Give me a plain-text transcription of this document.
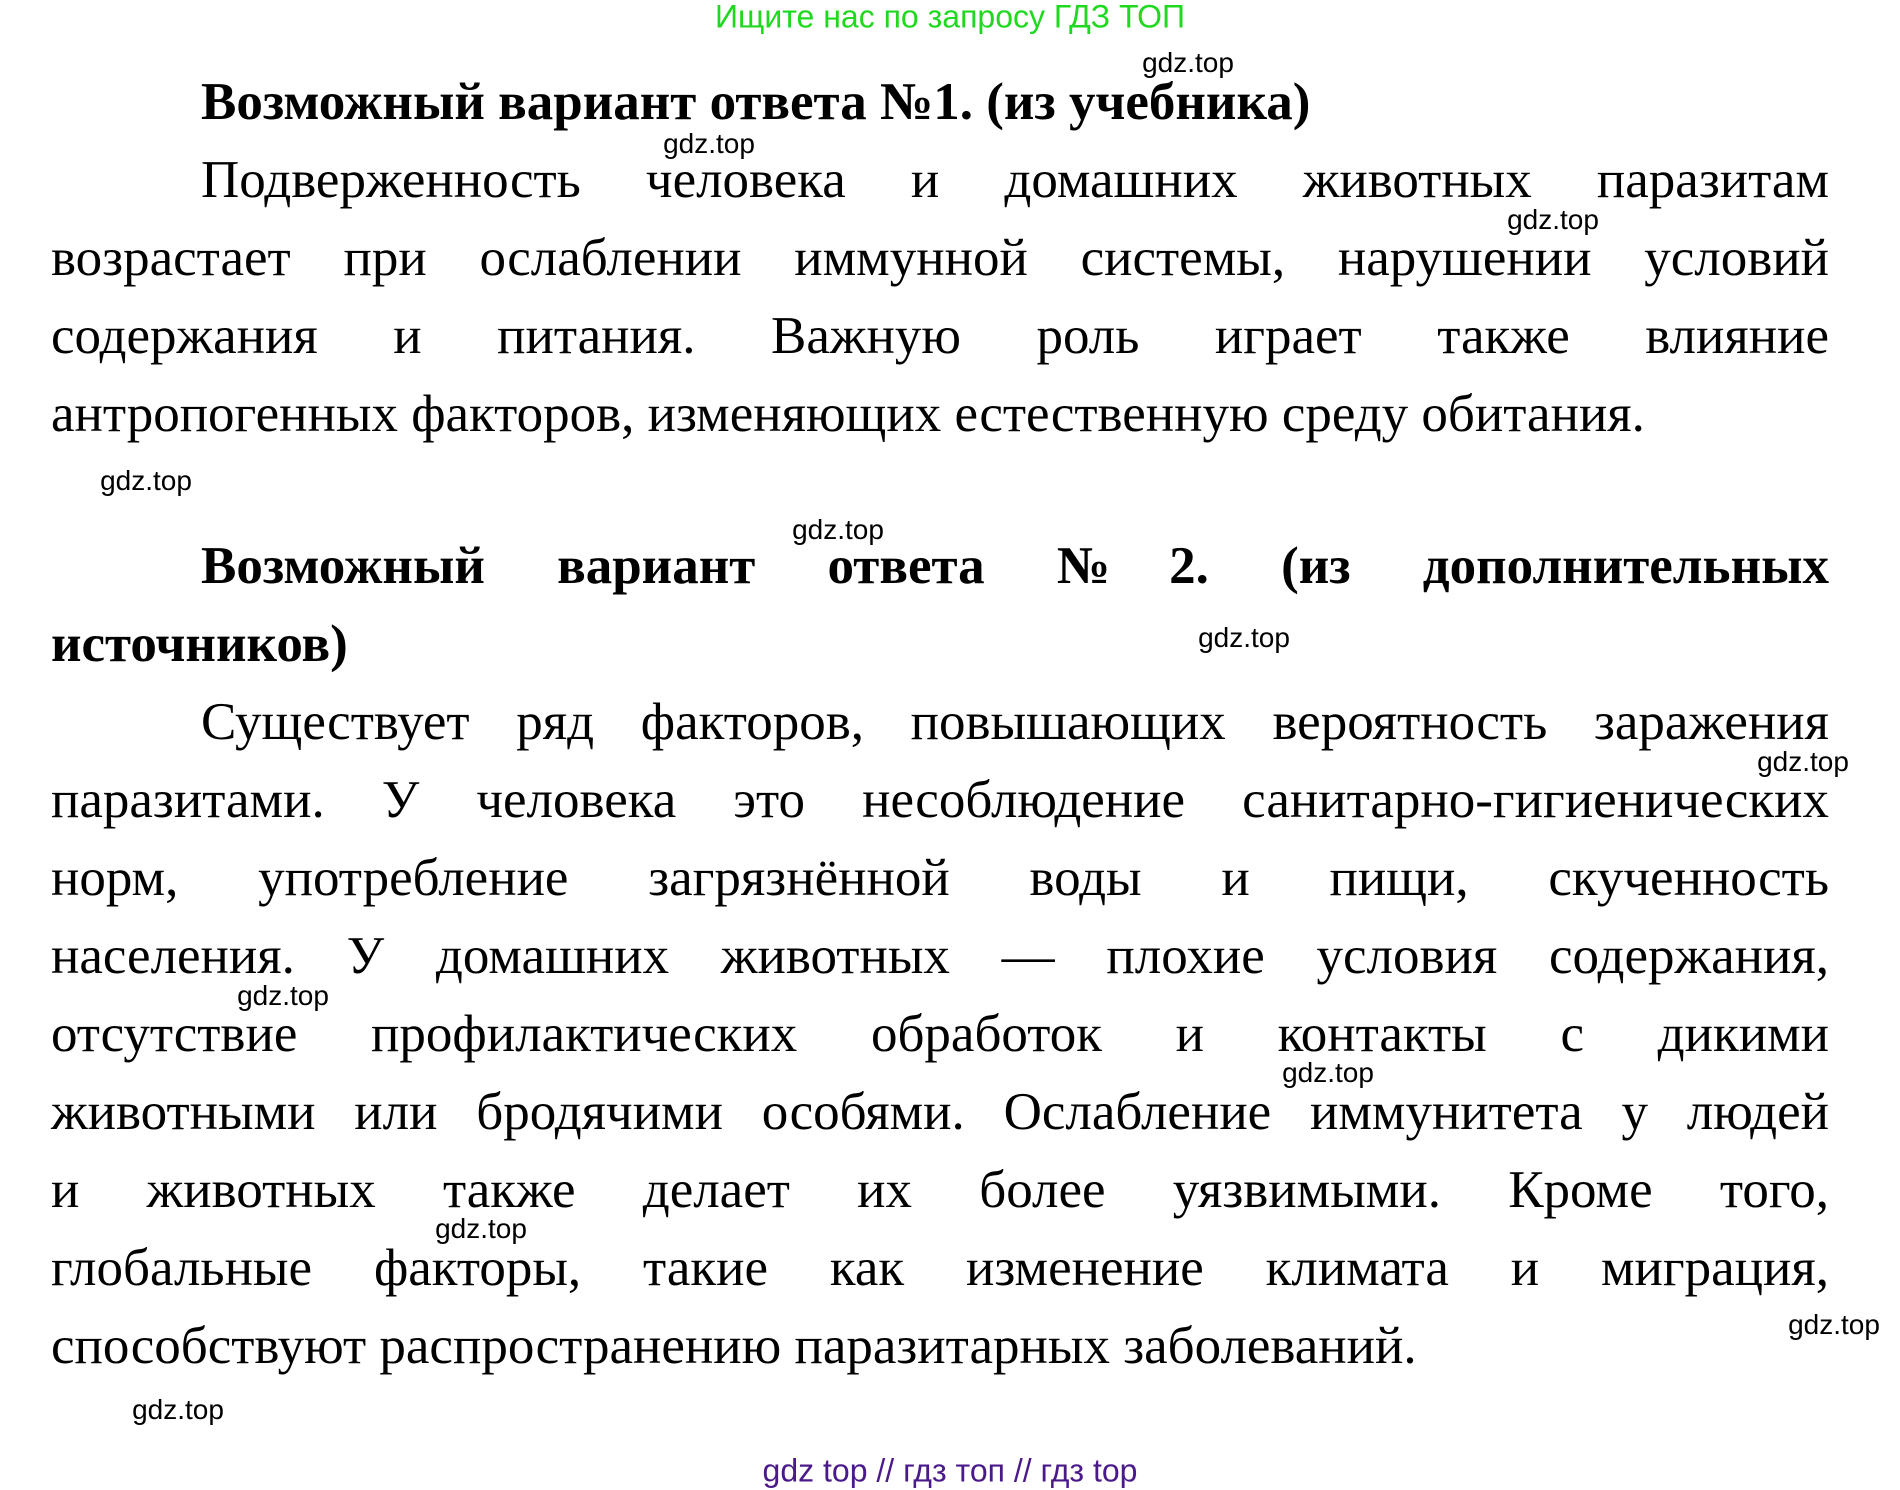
Ищите нас по запросу ГДЗ ТОП
Возможный вариант ответа №1. (из учебника)
Подверженность человека и домашних животных паразитам
возрастает при ослаблении иммунной системы, нарушении условий
содержания и питания. Важную роль играет также влияние
антропогенных факторов, изменяющих естественную среду обитания.
Возможный вариант ответа №2. (из дополнительных
источников)
Существует ряд факторов, повышающих вероятность заражения
паразитами. У человека это несоблюдение санитарно-гигиенических
норм, употребление загрязнённой воды и пищи, скученность
населения. У домашних животных — плохие условия содержания,
отсутствие профилактических обработок и контакты с дикими
животными или бродячими особями. Ослабление иммунитета у людей
и животных также делает их более уязвимыми. Кроме того,
глобальные факторы, такие как изменение климата и миграция,
способствуют распространению паразитарных заболеваний.
gdz top // гдз топ // гдз top
gdz.top
gdz.top
gdz.top
gdz.top
gdz.top
gdz.top
gdz.top
gdz.top
gdz.top
gdz.top
gdz.top
gdz.top
